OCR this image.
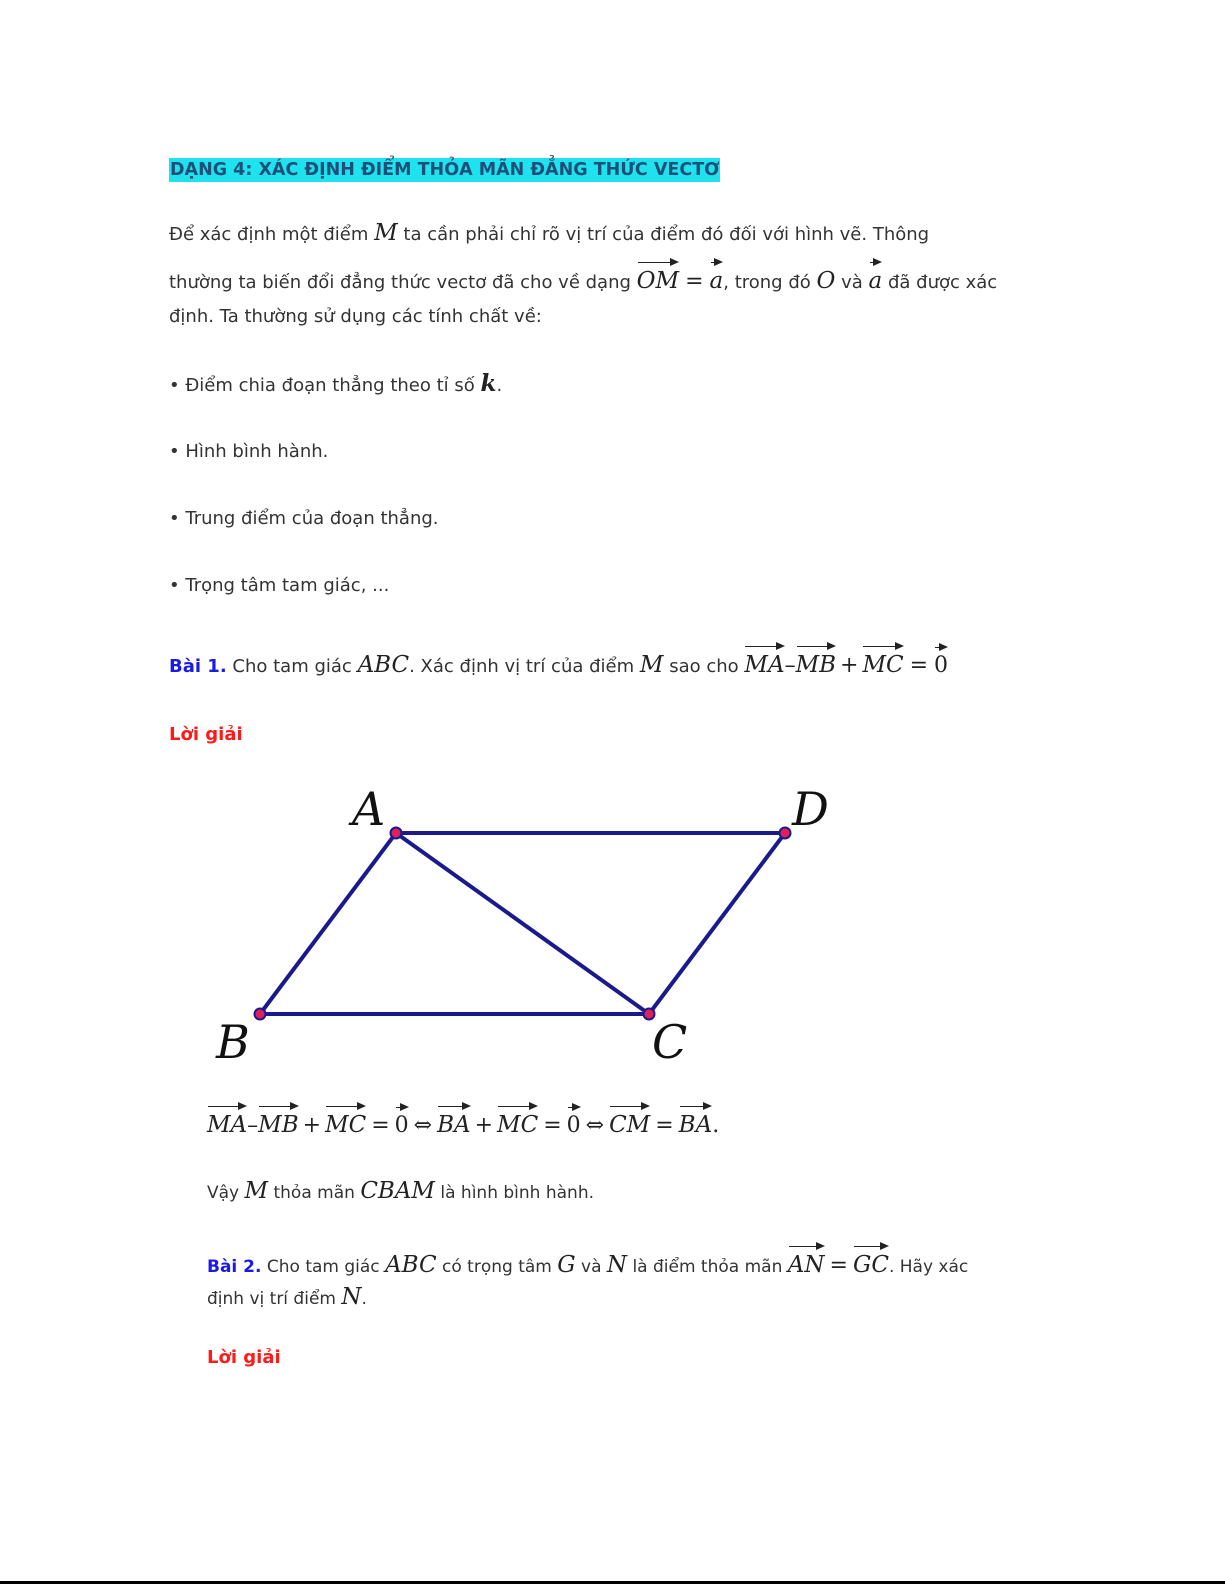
DẠNG 4: XÁC ĐỊNH ĐIỂM THỎA MÃN ĐẲNG THỨC VECTƠ
Để xác định một điểm M ta cần phải chỉ rõ vị trí của điểm đó đối với hình vẽ. Thông
thường ta biến đổi đẳng thức vectơ đã cho về dạng OM = a, trong đó O và a đã được xác
định. Ta thường sử dụng các tính chất về:
• Điểm chia đoạn thẳng theo tỉ số k.
• Hình bình hành.
• Trung điểm của đoạn thẳng.
• Trọng tâm tam giác, ...
Bài 1. Cho tam giác ABC. Xác định vị trí của điểm M sao cho MA–MB + MC = 0
Lời giải
A	D
B	C
MA–MB + MC = 0 ⇔ BA + MC = 0 ⇔ CM = BA.
Vậy M thỏa mãn CBAM là hình bình hành.
Bài 2. Cho tam giác ABC có trọng tâm G và N là điểm thỏa mãn AN = GC. Hãy xác
định vị trí điểm N.
Lời giải
